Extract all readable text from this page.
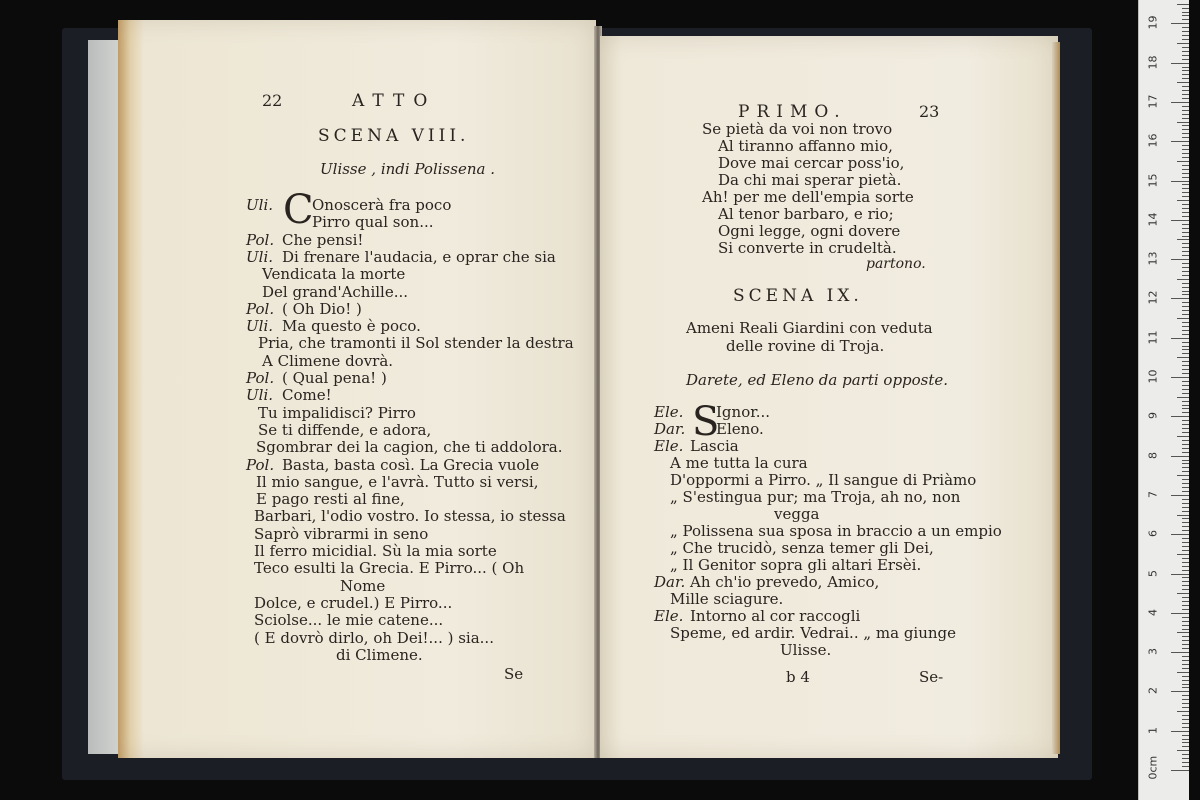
22	ATTO
SCENA VIII.
Ulisse , indi Polissena .
C
Se
PRIMO.	23
partono.
SCENA IX.
Ameni Reali Giardini con veduta
delle rovine di Troja.
Darete, ed Eleno da parti opposte.
S
b 4	Se-
0cm
1
2
3
4
5
6
7
8
9
10
11
12
13
14
15
16
17
18
19
Uli.	Onoscerà fra poco
Pirro qual son...
Pol. Che pensi!
Uli. Di frenare l'audacia, e oprar che sia
Vendicata la morte
Del grand'Achille...
Pol. ( Oh Dio! )
Uli. Ma questo è poco.
Pria, che tramonti il Sol stender la destra
A Climene dovrà.
Pol. ( Qual pena! )
Uli. Come!
Tu impalidisci? Pirro
Se ti diffende, e adora,
Sgombrar dei la cagion, che ti addolora.
Pol. Basta, basta così. La Grecia vuole
Il mio sangue, e l'avrà. Tutto si versi,
E pago resti al fine,
Barbari, l'odio vostro. Io stessa, io stessa
Saprò vibrarmi in seno
Il ferro micidial. Sù la mia sorte
Teco esulti la Grecia. E Pirro... ( Oh
Nome
Dolce, e crudel.) E Pirro...
Sciolse... le mie catene...
( E dovrò dirlo, oh Dei!... ) sia...
di Climene.
Se pietà da voi non trovo
Al tiranno affanno mio,
Dove mai cercar poss'io,
Da chi mai sperar pietà.
Ah! per me dell'empia sorte
Al tenor barbaro, e rio;
Ogni legge, ogni dovere
Si converte in crudeltà.
Ele. Ignor...
Dar. Eleno.
Ele. Lascia
A me tutta la cura
D'oppormi a Pirro. „ Il sangue di Priàmo
„ S'estingua pur; ma Troja, ah no, non
vegga
„ Polissena sua sposa in braccio a un empio
„ Che trucidò, senza temer gli Dei,
„ Il Genitor sopra gli altari Ersèi.
Dar. Ah ch'io prevedo, Amico,
Mille sciagure.
Ele. Intorno al cor raccogli
Speme, ed ardir. Vedrai.. „ ma giunge
Ulisse.
